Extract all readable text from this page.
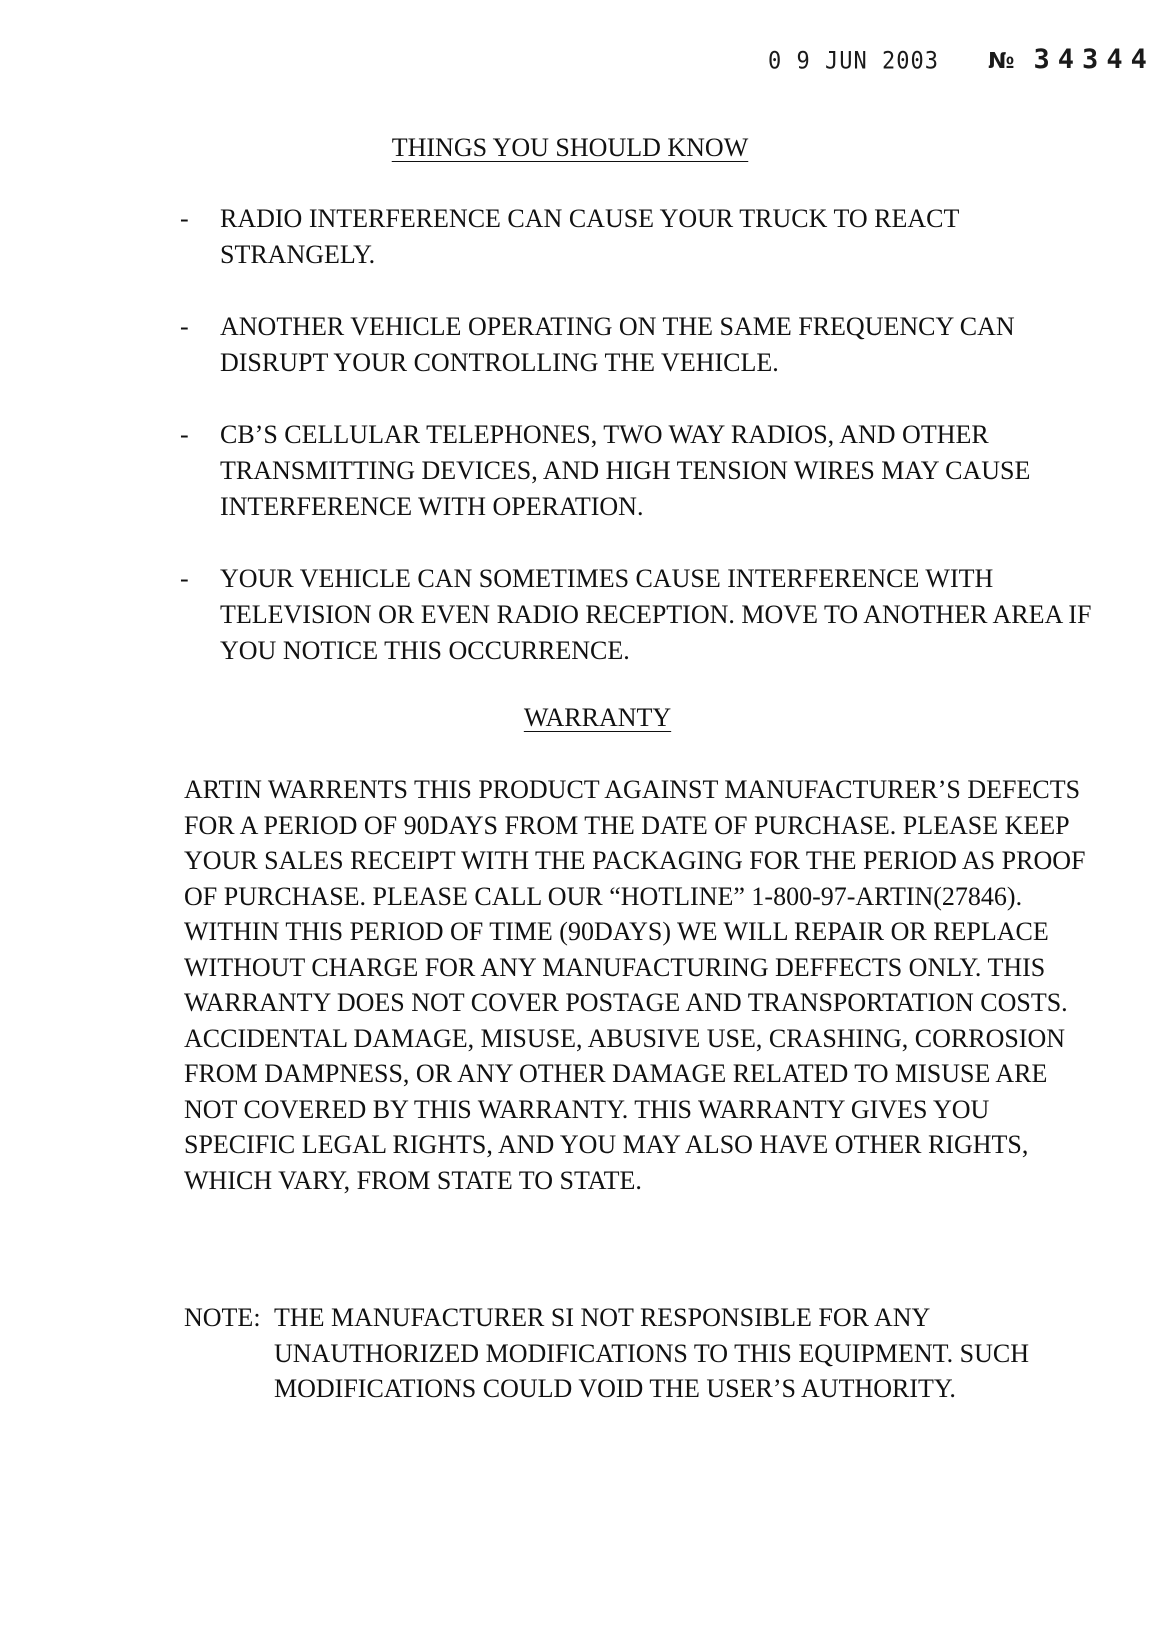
0 9 JUN 2003 № 34344
THINGS YOU SHOULD KNOW
- RADIO INTERFERENCE CAN CAUSE YOUR TRUCK TO REACT STRANGELY.
- ANOTHER VEHICLE OPERATING ON THE SAME FREQUENCY CAN DISRUPT YOUR CONTROLLING THE VEHICLE.
- CB’S CELLULAR TELEPHONES, TWO WAY RADIOS, AND OTHER TRANSMITTING DEVICES, AND HIGH TENSION WIRES MAY CAUSE INTERFERENCE WITH OPERATION.
- YOUR VEHICLE CAN SOMETIMES CAUSE INTERFERENCE WITH TELEVISION OR EVEN RADIO RECEPTION. MOVE TO ANOTHER AREA IF YOU NOTICE THIS OCCURRENCE.
WARRANTY

ARTIN WARRENTS THIS PRODUCT AGAINST MANUFACTURER’S DEFECTS FOR A PERIOD OF 90DAYS FROM THE DATE OF PURCHASE. PLEASE KEEP YOUR SALES RECEIPT WITH THE PACKAGING FOR THE PERIOD AS PROOF OF PURCHASE. PLEASE CALL OUR “HOTLINE” 1-800-97-ARTIN(27846). WITHIN THIS PERIOD OF TIME (90DAYS) WE WILL REPAIR OR REPLACE WITHOUT CHARGE FOR ANY MANUFACTURING DEFFECTS ONLY. THIS WARRANTY DOES NOT COVER POSTAGE AND TRANSPORTATION COSTS. ACCIDENTAL DAMAGE, MISUSE, ABUSIVE USE, CRASHING, CORROSION FROM DAMPNESS, OR ANY OTHER DAMAGE RELATED TO MISUSE ARE NOT COVERED BY THIS WARRANTY. THIS WARRANTY GIVES YOU SPECIFIC LEGAL RIGHTS, AND YOU MAY ALSO HAVE OTHER RIGHTS, WHICH VARY, FROM STATE TO STATE.

NOTE: THE MANUFACTURER SI NOT RESPONSIBLE FOR ANY UNAUTHORIZED MODIFICATIONS TO THIS EQUIPMENT. SUCH MODIFICATIONS COULD VOID THE USER’S AUTHORITY.
